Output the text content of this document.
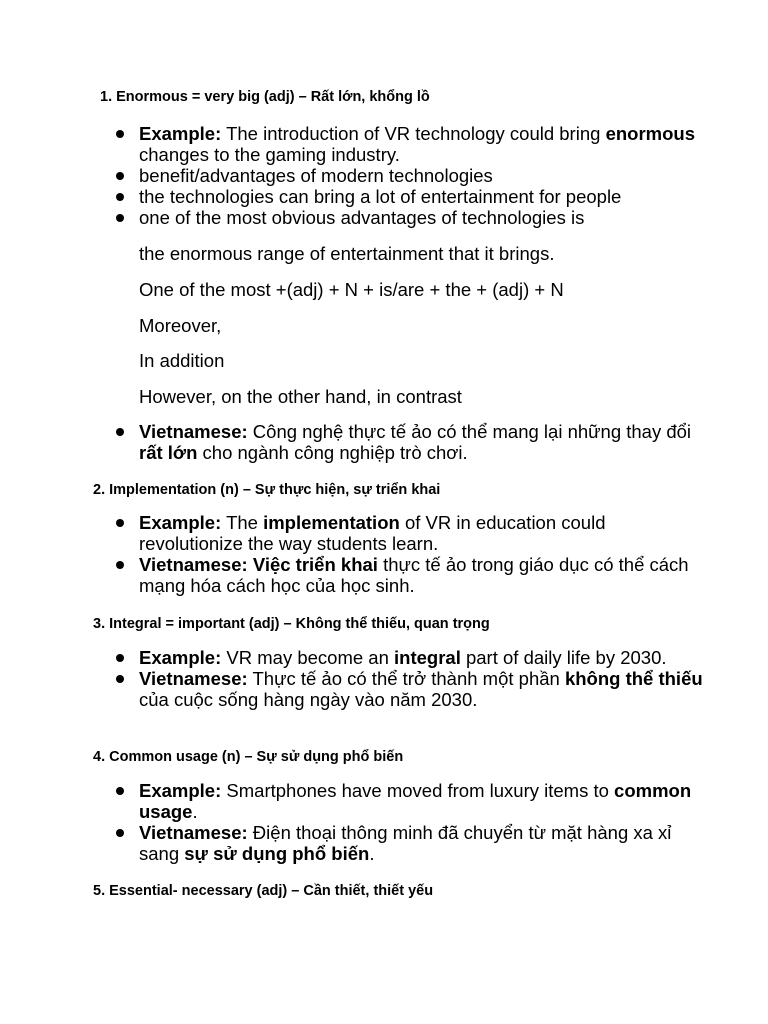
1. Enormous = very big (adj) – Rất lớn, khổng lồ
Example: The introduction of VR technology could bring enormous changes to the gaming industry.
benefit/advantages of modern technologies
the technologies can bring a lot of entertainment for people
one of the most obvious advantages of technologies is
the enormous range of entertainment that it brings.
One of the most +(adj) + N + is/are + the + (adj) + N
Moreover,
In addition
However, on the other hand, in contrast
Vietnamese: Công nghệ thực tế ảo có thể mang lại những thay đổi rất lớn cho ngành công nghiệp trò chơi.
2. Implementation (n) – Sự thực hiện, sự triển khai
Example: The implementation of VR in education could revolutionize the way students learn.
Vietnamese: Việc triển khai thực tế ảo trong giáo dục có thể cách mạng hóa cách học của học sinh.
3. Integral = important (adj) – Không thể thiếu, quan trọng
Example: VR may become an integral part of daily life by 2030.
Vietnamese: Thực tế ảo có thể trở thành một phần không thể thiếu của cuộc sống hàng ngày vào năm 2030.
4. Common usage (n) – Sự sử dụng phổ biến
Example: Smartphones have moved from luxury items to common usage.
Vietnamese: Điện thoại thông minh đã chuyển từ mặt hàng xa xỉ sang sự sử dụng phổ biến.
5. Essential- necessary (adj) – Cần thiết, thiết yếu
